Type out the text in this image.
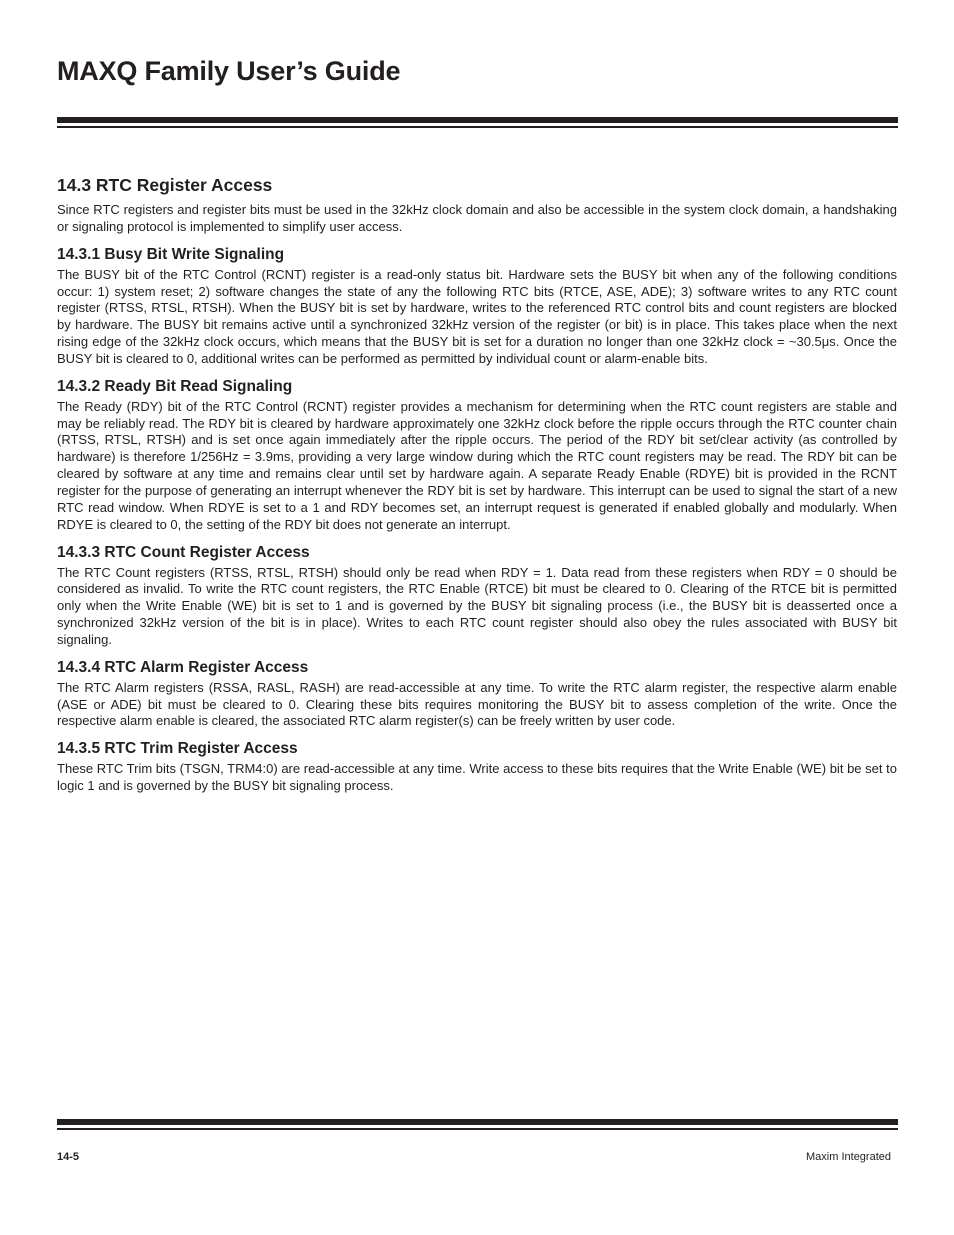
MAXQ Family User’s Guide
14.3 RTC Register Access

Since RTC registers and register bits must be used in the 32kHz clock domain and also be accessible in the system clock domain, a handshaking or signaling protocol is implemented to simplify user access.

14.3.1 Busy Bit Write Signaling

The BUSY bit of the RTC Control (RCNT) register is a read-only status bit. Hardware sets the BUSY bit when any of the following conditions occur: 1) system reset; 2) software changes the state of any the following RTC bits (RTCE, ASE, ADE); 3) software writes to any RTC count register (RTSS, RTSL, RTSH). When the BUSY bit is set by hardware, writes to the referenced RTC control bits and count registers are blocked by hardware. The BUSY bit remains active until a synchronized 32kHz version of the register (or bit) is in place. This takes place when the next rising edge of the 32kHz clock occurs, which means that the BUSY bit is set for a duration no longer than one 32kHz clock = ~30.5μs. Once the BUSY bit is cleared to 0, additional writes can be performed as permitted by individual count or alarm-enable bits.

14.3.2 Ready Bit Read Signaling

The Ready (RDY) bit of the RTC Control (RCNT) register provides a mechanism for determining when the RTC count registers are stable and may be reliably read. The RDY bit is cleared by hardware approximately one 32kHz clock before the ripple occurs through the RTC counter chain (RTSS, RTSL, RTSH) and is set once again immediately after the ripple occurs. The period of the RDY bit set/clear activity (as controlled by hardware) is therefore 1/256Hz = 3.9ms, providing a very large window during which the RTC count registers may be read. The RDY bit can be cleared by software at any time and remains clear until set by hardware again. A separate Ready Enable (RDYE) bit is provided in the RCNT register for the purpose of generating an interrupt whenever the RDY bit is set by hardware. This interrupt can be used to signal the start of a new RTC read window. When RDYE is set to a 1 and RDY becomes set, an interrupt request is generated if enabled globally and modularly. When RDYE is cleared to 0, the setting of the RDY bit does not generate an interrupt.

14.3.3 RTC Count Register Access

The RTC Count registers (RTSS, RTSL, RTSH) should only be read when RDY = 1. Data read from these registers when RDY = 0 should be considered as invalid. To write the RTC count registers, the RTC Enable (RTCE) bit must be cleared to 0. Clearing of the RTCE bit is permitted only when the Write Enable (WE) bit is set to 1 and is governed by the BUSY bit signaling process (i.e., the BUSY bit is deasserted once a synchronized 32kHz version of the bit is in place). Writes to each RTC count register should also obey the rules associated with BUSY bit signaling.

14.3.4 RTC Alarm Register Access

The RTC Alarm registers (RSSA, RASL, RASH) are read-accessible at any time. To write the RTC alarm register, the respective alarm enable (ASE or ADE) bit must be cleared to 0. Clearing these bits requires monitoring the BUSY bit to assess completion of the write. Once the respective alarm enable is cleared, the associated RTC alarm register(s) can be freely written by user code.

14.3.5 RTC Trim Register Access

These RTC Trim bits (TSGN, TRM4:0) are read-accessible at any time. Write access to these bits requires that the Write Enable (WE) bit be set to logic 1 and is governed by the BUSY bit signaling process.

14-5	Maxim Integrated
